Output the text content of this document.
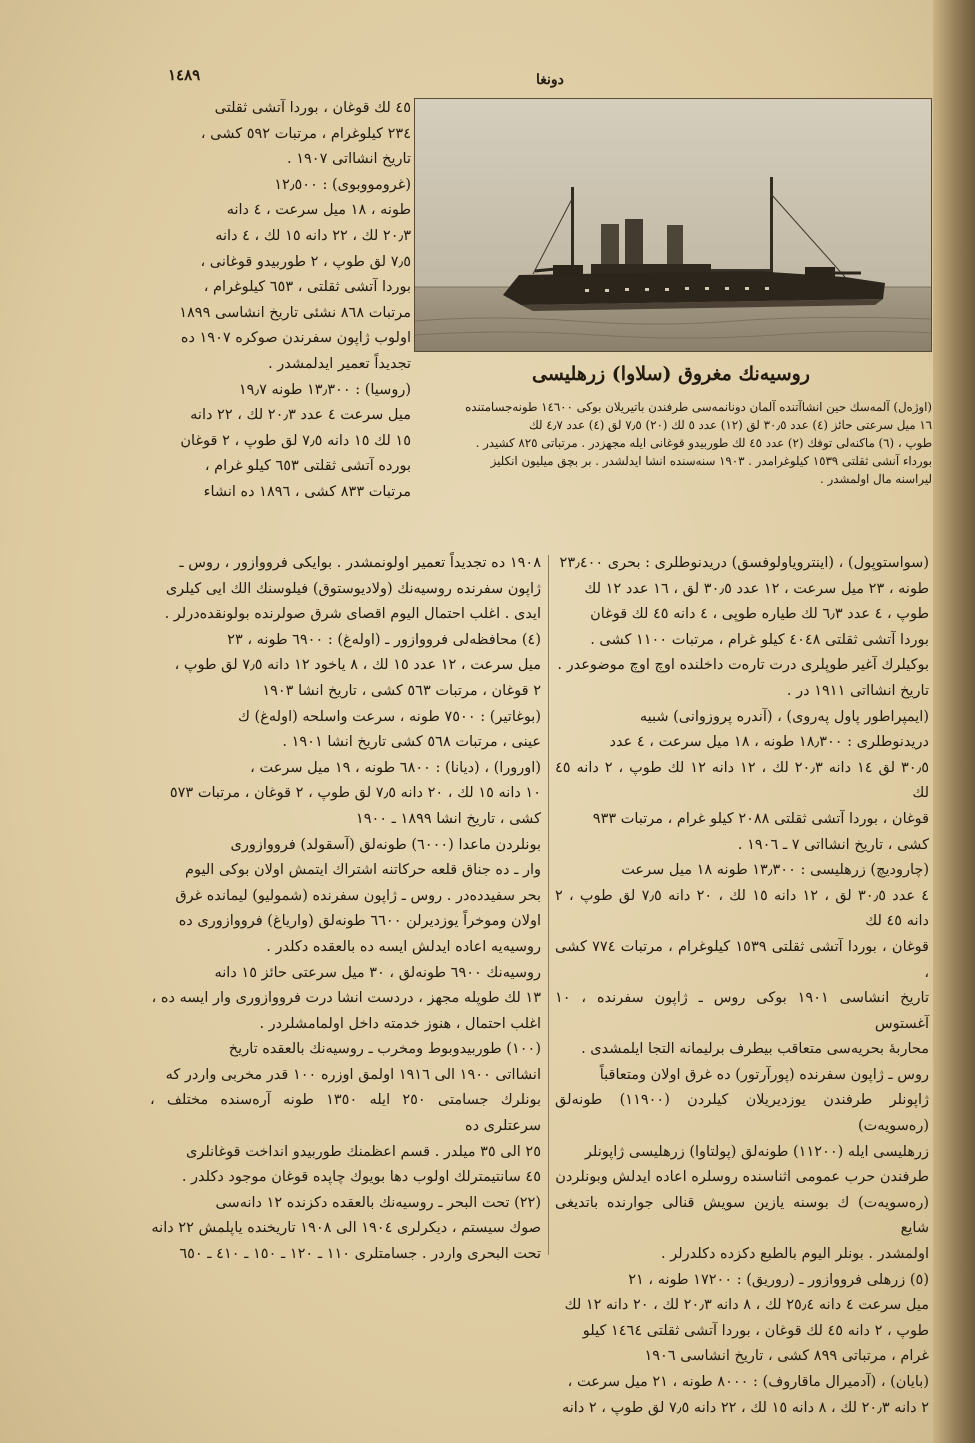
١٤٨٩	دونغا

٤٥ لك قوغان ، بوردا آتشی ثقلتی

٢٣٤ كیلوغرام ، مرتبات ٥٩٢ كشی ،

تاریخ انشااتی ١٩٠٧ .

(غرومووبوی) : ١٢٫٥٠٠

طونه ، ١٨ میل سرعت ، ٤ دانه

٢٠٫٣ لك ، ٢٢ دانه ١٥ لك ، ٤ دانه

٧٫٥ لق طوپ ، ٢ طوربیدو قوغانی ،

بوردا آتشی ثقلتی ، ٦٥٣ كیلوغرام ،

مرتبات ٨٦٨ نشئی تاریخ انشاسی ١٨٩٩

اولوب ژاپون سفرندن صوكره ١٩٠٧ ده

تجدیداً تعمیر ایدلمشدر .

(روسیا) : ١٣٫٣٠٠ طونه ١٩٫٧

میل سرعت ٤ عدد ٢٠٫٣ لك ، ٢٢ دانه

١٥ لك ١٥ دانه ٧٫٥ لق طوپ ، ٢ قوغان

بورده آتشی ثقلتی ٦٥٣ كیلو غرام ،

مرتبات ٨٣٣ كشی ، ١٨٩٦ ده انشاء

روسیه‌نك مغروق (سلاوا) زرهلیسی

(اوژەل) آلمه‌سك حین انشاآتنده آلمان دونانمه‌سی طرفندن باتیریلان بوكی ١٤٦٠٠ طونه‌جسامتنده

١٦ میل سرعتی حائز (٤) عدد ٣٠٫٥ لق (١٢) عدد ٥ لك (٢٠) ٧٫٥ لق (٤) عدد ٤٫٧ لك

طوپ ، (٦) ماكنه‌لی توفك (٢) عدد ٤٥ لك طوربیدو قوغانی ایله مجهزدر . مرتباتی ٨٢٥ كشیدر .

بورداء آنشی ثقلتی ١٥٣٩ كیلوغرامدر . ١٩٠٣ سنه‌سنده انشا ایدلشدر . بر بچق میلیون انكلیز

لیراسنه مال اولمشدر .

١٩٠٨ ده تجدیداً تعمیر اولونمشدر . بوایكی فرووازور ، روس ـ

ژاپون سفرنده روسیه‌نك (ولادیوستوق) فیلوسنك الك ایی كیلری

ایدی . اغلب احتمال الیوم اقصای شرق صولرنده بولونقده‌درلر .

(٤) محافظه‌لی فرووازور ـ (اولەغ) : ٦٩٠٠ طونه ، ٢٣

میل سرعت ، ١٢ عدد ١٥ لك ، ٨ یاخود ١٢ دانه ٧٫٥ لق طوپ ،

٢ قوغان ، مرتبات ٥٦٣ كشی ، تاریخ انشا ١٩٠٣

(بوغاتیر) : ٧٥٠٠ طونه ، سرعت واسلحه (اولەغ) ك

عینی ، مرتبات ٥٦٨ كشی تاریخ انشا ١٩٠١ .

(اورورا) ، (دیانا) : ٦٨٠٠ طونه ، ١٩ میل سرعت ،

١٠ دانه ١٥ لك ، ٢٠ دانه ٧٫٥ لق طوپ ، ٢ قوغان ، مرتبات ٥٧٣

كشی ، تاریخ انشا ١٨٩٩ ـ ١٩٠٠

بونلردن ماعدا (٦٠٠٠) طونه‌لق (آسقولد) فرووازوری

وار ـ ده جناق قلعه حركاتنه اشتراك ایتمش اولان بوكی الیوم

بحر سفیدده‌در . روس ـ ژاپون سفرنده (شمولیو) لیمانده غرق

اولان وموخراً یوزدیرلن ٦٦٠٠ طونه‌لق (واریاغ) فرووازوری ده

روسیه‌یه اعاده ایدلش ایسه ده بالعقده دكلدر .

روسیه‌نك ٦٩٠٠ طونه‌لق ، ٣٠ میل سرعتی حائز ١٥ دانه

١٣ لك طوپله مجهز ، دردست انشا درت فرووازوری وار ایسه ده ،

اغلب احتمال ، هنوز خدمته داخل اولمامشلردر .

(١٠٠) طوربیدوبوط ومخرب ـ روسیه‌نك بالعقده تاریخ

انشااتی ١٩٠٠ الی ١٩١٦ اولمق اوزره ١٠٠ قدر مخربی واردر كه

بونلرك جسامتی ٢٥٠ ایله ١٣٥٠ طونه آره‌سنده مختلف ، سرعتلری ده

٢٥ الی ٣٥ میلدر . قسم اعظمنك طوربیدو انداخت قوغانلری

٤٥ سانتیمترلك اولوب دها بویوك چاپده قوغان موجود دكلدر .

(٢٢) تحت البحر ـ روسیه‌نك بالعقده دكزنده ١٢ دانه‌سی

صوك سیستم ، دیكرلری ١٩٠٤ الی ١٩٠٨ تاریخنده یاپلمش ٢٢ دانه

تحت البحری واردر . جسامتلری ١١٠ ـ ١٢٠ ـ ١٥٠ ـ ٤١٠ ـ ٦٥٠

(سواستوپول) ، (اینترویاولوفسق) دریدنوطلری : بحری ٢٣٫٤٠٠

طونه ، ٢٣ میل سرعت ، ١٢ عدد ٣٠٫٥ لق ، ١٦ عدد ١٢ لك

طوپ ، ٤ عدد ٦٫٣ لك طیاره طوپی ، ٤ دانه ٤٥ لك قوغان

بوردا آتشی ثقلتی ٤٠٤٨ كیلو غرام ، مرتبات ١١٠٠ كشی .

بوكیلرك آغیر طوپلری درت تارەت داخلنده اوچ اوچ موضوعدر .

تاریخ انشااتی ١٩١١ در .

(ایمپراطور پاول پەروی) ، (آندره پروزوانی) شبیه

دریدنوطلری : ١٨٫٣٠٠ طونه ، ١٨ میل سرعت ، ٤ عدد

٣٠٫٥ لق ١٤ دانه ٢٠٫٣ لك ، ١٢ دانه ١٢ لك طوپ ، ٢ دانه ٤٥ لك

قوغان ، بوردا آتشی ثقلتی ٢٠٨٨ كیلو غرام ، مرتبات ٩٣٣

كشی ، تاریخ انشااتی ٧ ـ ١٩٠٦ .

(چارودیچ) زرهلیسی : ١٣٫٣٠٠ طونه ١٨ میل سرعت

٤ عدد ٣٠٫٥ لق ، ١٢ دانه ١٥ لك ، ٢٠ دانه ٧٫٥ لق طوپ ، ٢ دانه ٤٥ لك

قوغان ، بوردا آتشی ثقلتی ١٥٣٩ كیلوغرام ، مرتبات ٧٧٤ كشی ،

تاریخ انشاسی ١٩٠١ بوكی روس ـ ژاپون سفرنده ، ١٠ آغستوس

محاربهٔ بحریه‌سی متعاقب بیطرف برلیمانه التجا ایلمشدی .

روس ـ ژاپون سفرنده (پورآرتور) ده غرق اولان ومتعاقباً

ژاپونلر طرفندن یوزدیریلان كیلردن (١١٩٠٠) طونه‌لق (رەسویەت)

زرهلیسی ایله (١١٢٠٠) طونه‌لق (پولتاوا) زرهلیسی ژاپونلر

طرفندن حرب عمومی اثناسنده روسلره اعاده ایدلش وبونلردن

(رەسویەت) ك بوسنه یازین سویش قنالی جوارنده باتدیغی شایع

اولمشدر . بونلر الیوم بالطبع دكزده دكلدرلر .

(٥) زرهلی فرووازور ـ (روریق) : ١٧٢٠٠ طونه ، ٢١

میل سرعت ٤ دانه ٢٥٫٤ لك ، ٨ دانه ٢٠٫٣ لك ، ٢٠ دانه ١٢ لك

طوپ ، ٢ دانه ٤٥ لك قوغان ، بوردا آتشی ثقلتی ١٤٦٤ كیلو

غرام ، مرتباتی ٨٩٩ كشی ، تاریخ انشاسی ١٩٠٦

(بایان) ، (آدمیرال ماقاروف) : ٨٠٠٠ طونه ، ٢١ میل سرعت ،

٢ دانه ٢٠٫٣ لك ، ٨ دانه ١٥ لك ، ٢٢ دانه ٧٫٥ لق طوپ ، ٢ دانه
